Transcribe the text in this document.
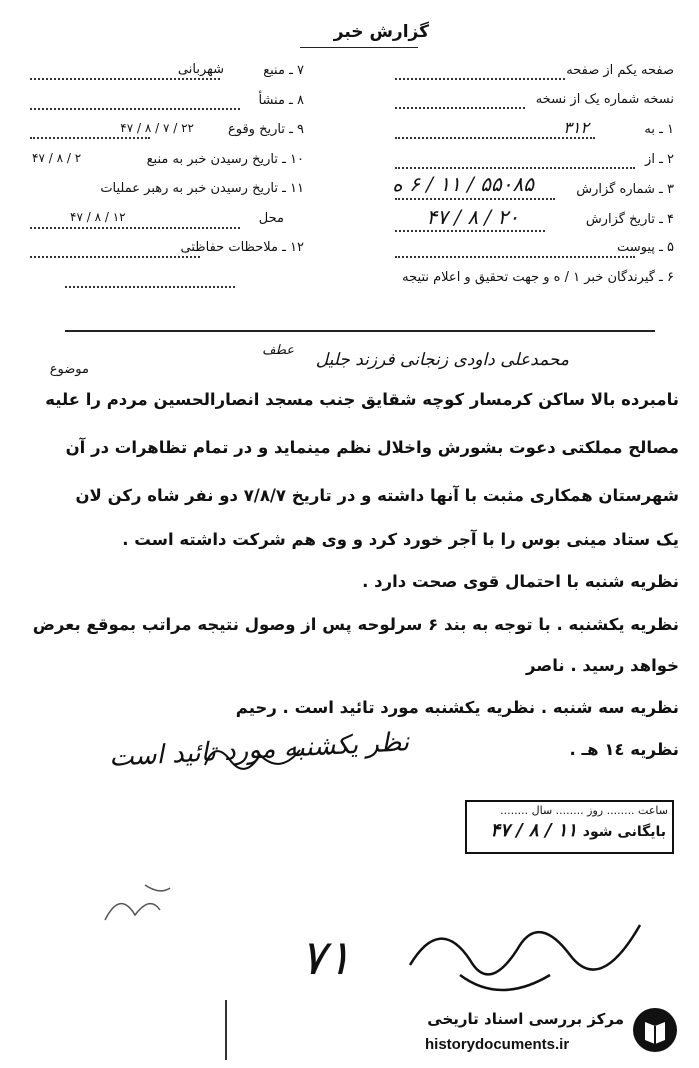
گزارش خبر
صفحه یکم از صفحه
نسخه شماره یک از نسخه
۱ ـ به
۳۱۲
۲ ـ از
۳ ـ شماره گزارش
۵۵۰۸۵ / ۱۱ / ۶ ه
۴ ـ تاریخ گزارش
۲۰ / ۸ / ۴۷
۵ ـ پیوست
۶ ـ گیرندگان خبر ۱ / ه و جهت تحقیق و اعلام نتیجه
۷ ـ منبع
شهربانی
۸ ـ منشأ
۹ ـ تاریخ وقوع
۲۲ / ۷ / ۸ / ۴۷
۱۰ ـ تاریخ رسیدن خبر به منبع
۲ / ۸ / ۴۷
۱۱ ـ تاریخ رسیدن خبر به رهبر عملیات
محل
۱۲ / ۸ / ۴۷
۱۲ ـ ملاحظات حفاظتی
موضوع	محمدعلی داودی زنجانی فرزند جلیل
عطف
نامبرده بالا ساکن کرمسار کوچه شقایق جنب مسجد انصارالحسین مردم را علیه
مصالح مملکتی دعوت بشورش واخلال نظم مینماید و در تمام تظاهرات در آن
شهرستان همکاری مثبت با آنها داشته و در تاریخ ۷/۸/۷ دو نفر شاه رکن لان
یک ستاد مینی بوس را با آجر خورد کرد و وی هم شرکت داشته است .
نظریه شنبه با احتمال قوی صحت دارد .
نظریه یکشنبه . با توجه به بند ۶ سرلوحه پس از وصول نتیجه مراتب بموقع بعرض
خواهد رسید . ناصر
نظریه سه شنبه . نظریه یکشنبه مورد تائید است . رحیم
نظریه ۱٤ هـ .
نظر یکشنبه مورد تائید است
ساعت ........ روز ........ سال ........
بایگانی شود
۱۱ / ۸ / ۴۷
۷۱
مرکز بررسی اسناد تاریخی
historydocuments.ir
